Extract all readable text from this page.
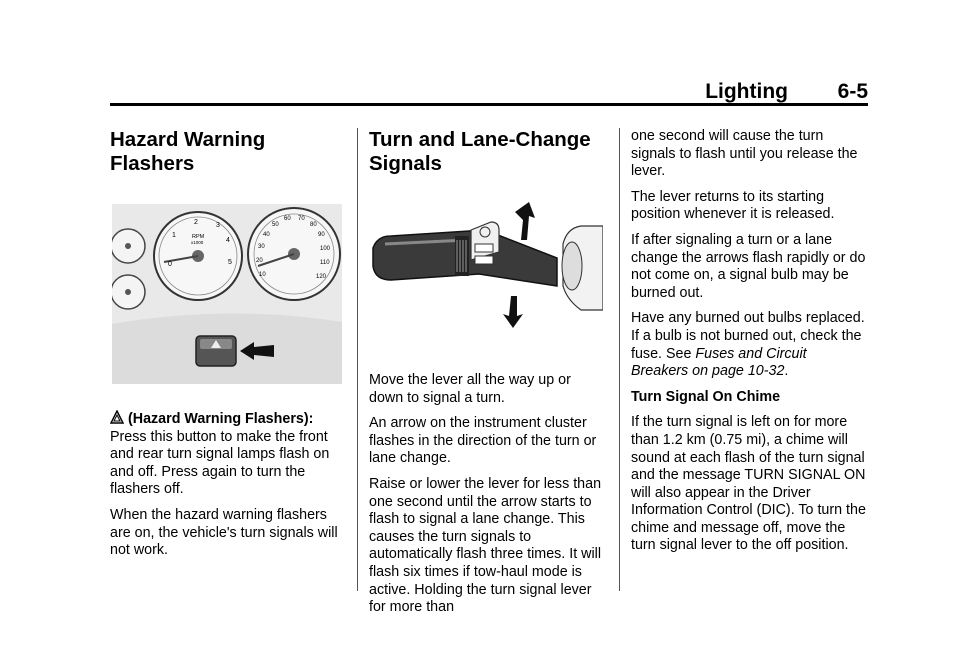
Lighting 6-5
Hazard Warning Flashers
1
2	3
4
5
0
RPM
x1000
10
20
30
40
50
60 70
80
90
100
110
120

(Hazard Warning Flashers): Press this button to make the front and rear turn signal lamps flash on and off. Press again to turn the flashers off.

When the hazard warning flashers are on, the vehicle's turn signals will not work.

Turn and Lane-Change
Signals

Move the lever all the way up or down to signal a turn.

An arrow on the instrument cluster flashes in the direction of the turn or lane change.

Raise or lower the lever for less than one second until the arrow starts to flash to signal a lane change. This causes the turn signals to automatically flash three times. It will flash six times if tow-haul mode is active. Holding the turn signal lever for more than

one second will cause the turn signals to flash until you release the lever.

The lever returns to its starting position whenever it is released.

If after signaling a turn or a lane change the arrows flash rapidly or do not come on, a signal bulb may be burned out.

Have any burned out bulbs replaced. If a bulb is not burned out, check the fuse. See Fuses and Circuit Breakers on page 10-32.

Turn Signal On Chime

If the turn signal is left on for more than 1.2 km (0.75 mi), a chime will sound at each flash of the turn signal and the message TURN SIGNAL ON will also appear in the Driver Information Control (DIC). To turn the chime and message off, move the turn signal lever to the off position.
